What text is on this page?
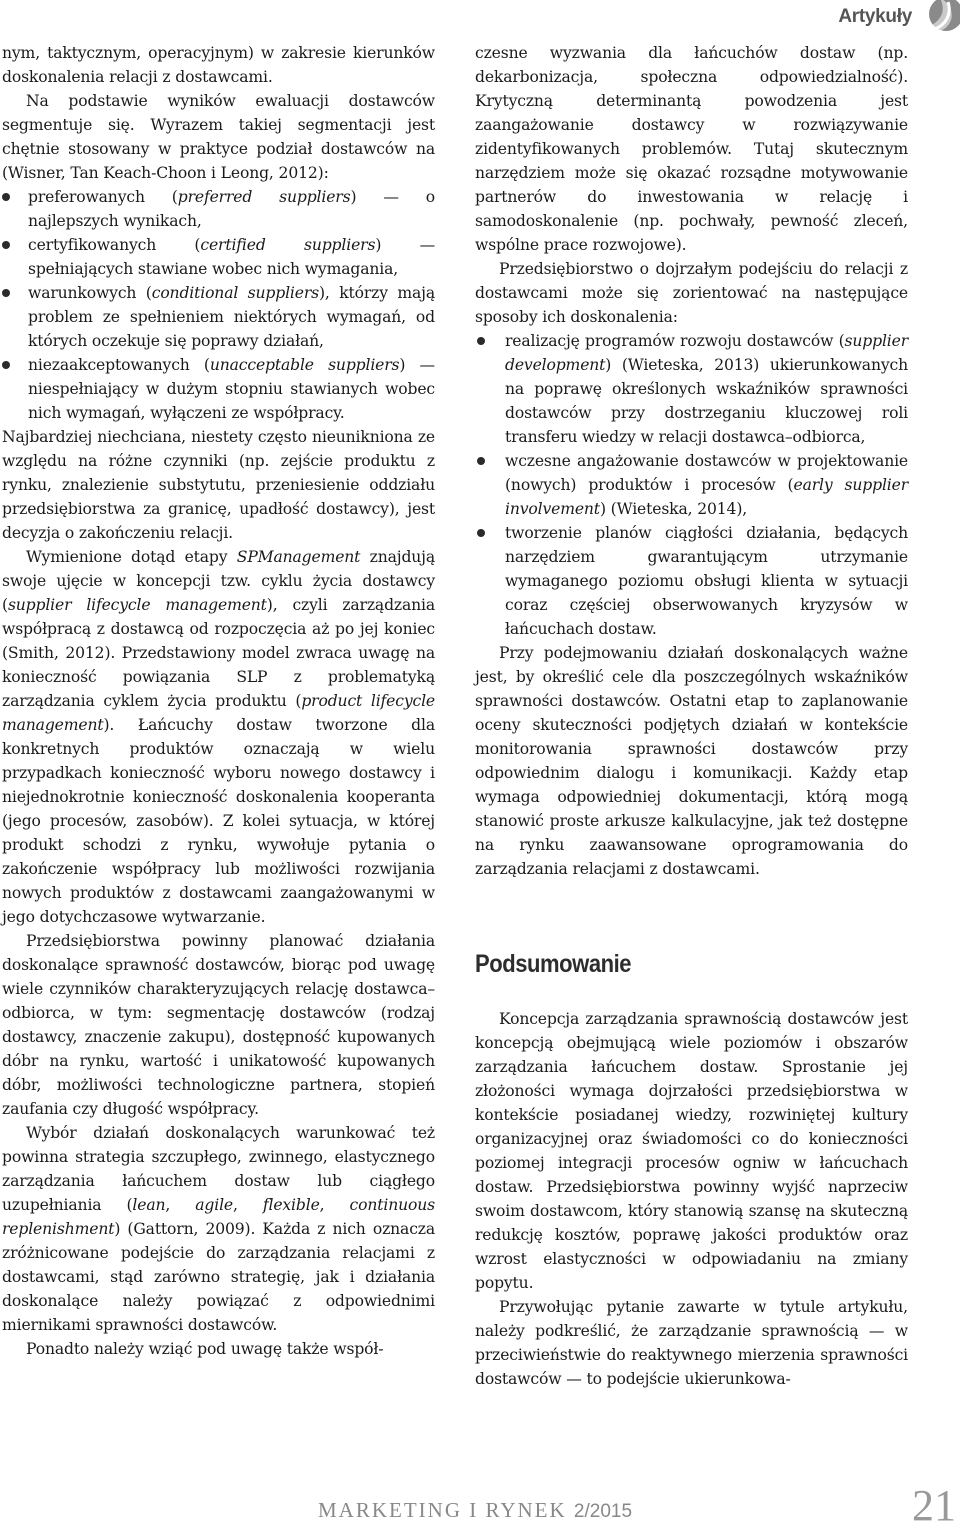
Artykuły

nym, taktycznym, operacyjnym) w zakresie kierunków doskonalenia relacji z dostawcami.

Na podstawie wyników ewaluacji dostawców segmentuje się. Wyrazem takiej segmentacji jest chętnie stosowany w praktyce podział dostawców na (Wisner, Tan Keach-Choon i Leong, 2012):

preferowanych (preferred suppliers) — o najlepszych wynikach,
certyfikowanych (certified suppliers) — spełniających stawiane wobec nich wymagania,
warunkowych (conditional suppliers), którzy mają problem ze spełnieniem niektórych wymagań, od których oczekuje się poprawy działań,
niezaakceptowanych (unacceptable suppliers) — niespełniający w dużym stopniu stawianych wobec nich wymagań, wyłączeni ze współpracy.

Najbardziej niechciana, niestety często nieunikniona ze względu na różne czynniki (np. zejście produktu z rynku, znalezienie substytutu, przeniesienie oddziału przedsiębiorstwa za granicę, upadłość dostawcy), jest decyzja o zakończeniu relacji.

Wymienione dotąd etapy SPManagement znajdują swoje ujęcie w koncepcji tzw. cyklu życia dostawcy (supplier lifecycle management), czyli zarządzania współpracą z dostawcą od rozpoczęcia aż po jej koniec (Smith, 2012). Przedstawiony model zwraca uwagę na konieczność powiązania SLP z problematyką zarządzania cyklem życia produktu (product lifecycle management). Łańcuchy dostaw tworzone dla konkretnych produktów oznaczają w wielu przypadkach konieczność wyboru nowego dostawcy i niejednokrotnie konieczność doskonalenia kooperanta (jego procesów, zasobów). Z kolei sytuacja, w której produkt schodzi z rynku, wywołuje pytania o zakończenie współpracy lub możliwości rozwijania nowych produktów z dostawcami zaangażowanymi w jego dotychczasowe wytwarzanie.

Przedsiębiorstwa powinny planować działania doskonalące sprawność dostawców, biorąc pod uwagę wiele czynników charakteryzujących relację dostawca–odbiorca, w tym: segmentację dostawców (rodzaj dostawcy, znaczenie zakupu), dostępność kupowanych dóbr na rynku, wartość i unikatowość kupowanych dóbr, możliwości technologiczne partnera, stopień zaufania czy długość współpracy.

Wybór działań doskonalących warunkować też powinna strategia szczupłego, zwinnego, elastycznego zarządzania łańcuchem dostaw lub ciągłego uzupełniania (lean, agile, flexible, continuous replenishment) (Gattorn, 2009). Każda z nich oznacza zróżnicowane podejście do zarządzania relacjami z dostawcami, stąd zarówno strategię, jak i działania doskonalące należy powiązać z odpowiednimi miernikami sprawności dostawców.

Ponadto należy wziąć pod uwagę także współ-

czesne wyzwania dla łańcuchów dostaw (np. dekarbonizacja, społeczna odpowiedzialność). Krytyczną determinantą powodzenia jest zaangażowanie dostawcy w rozwiązywanie zidentyfikowanych problemów. Tutaj skutecznym narzędziem może się okazać rozsądne motywowanie partnerów do inwestowania w relację i samodoskonalenie (np. pochwały, pewność zleceń, wspólne prace rozwojowe).

Przedsiębiorstwo o dojrzałym podejściu do relacji z dostawcami może się zorientować na następujące sposoby ich doskonalenia:

realizację programów rozwoju dostawców (supplier development) (Wieteska, 2013) ukierunkowanych na poprawę określonych wskaźników sprawności dostawców przy dostrzeganiu kluczowej roli transferu wiedzy w relacji dostawca–odbiorca,
wczesne angażowanie dostawców w projektowanie (nowych) produktów i procesów (early supplier involvement) (Wieteska, 2014),
tworzenie planów ciągłości działania, będących narzędziem gwarantującym utrzymanie wymaganego poziomu obsługi klienta w sytuacji coraz częściej obserwowanych kryzysów w łańcuchach dostaw.

Przy podejmowaniu działań doskonalących ważne jest, by określić cele dla poszczególnych wskaźników sprawności dostawców. Ostatni etap to zaplanowanie oceny skuteczności podjętych działań w kontekście monitorowania sprawności dostawców przy odpowiednim dialogu i komunikacji. Każdy etap wymaga odpowiedniej dokumentacji, którą mogą stanowić proste arkusze kalkulacyjne, jak też dostępne na rynku zaawansowane oprogramowania do zarządzania relacjami z dostawcami.

Podsumowanie

Koncepcja zarządzania sprawnością dostawców jest koncepcją obejmującą wiele poziomów i obszarów zarządzania łańcuchem dostaw. Sprostanie jej złożoności wymaga dojrzałości przedsiębiorstwa w kontekście posiadanej wiedzy, rozwiniętej kultury organizacyjnej oraz świadomości co do konieczności poziomej integracji procesów ogniw w łańcuchach dostaw. Przedsiębiorstwa powinny wyjść naprzeciw swoim dostawcom, który stanowią szansę na skuteczną redukcję kosztów, poprawę jakości produktów oraz wzrost elastyczności w odpowiadaniu na zmiany popytu.

Przywołując pytanie zawarte w tytule artykułu, należy podkreślić, że zarządzanie sprawnością — w przeciwieństwie do reaktywnego mierzenia sprawności dostawców — to podejście ukierunkowa-

MARKETING I RYNEK 2/2015	21
